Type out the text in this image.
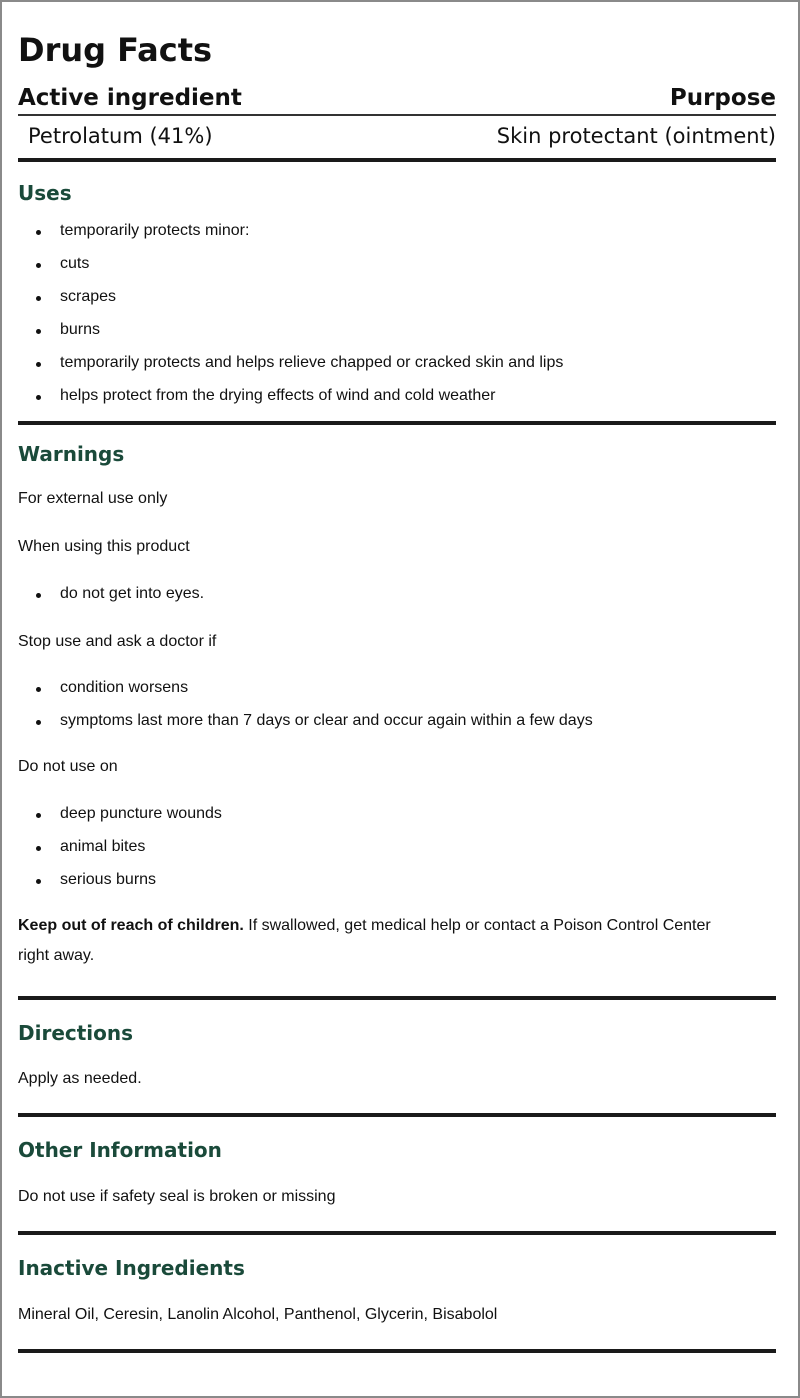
Drug Facts
Active ingredient	Purpose
Petrolatum (41%)	Skin protectant (ointment)
Uses
temporarily protects minor:
cuts
scrapes
burns
temporarily protects and helps relieve chapped or cracked skin and lips
helps protect from the drying effects of wind and cold weather
Warnings

For external use only

When using this product

do not get into eyes.

Stop use and ask a doctor if

condition worsens
symptoms last more than 7 days or clear and occur again within a few days

Do not use on

deep puncture wounds
animal bites
serious burns

Keep out of reach of children. If swallowed, get medical help or contact a Poison Control Center right away.

Directions

Apply as needed.

Other Information

Do not use if safety seal is broken or missing

Inactive Ingredients

Mineral Oil, Ceresin, Lanolin Alcohol, Panthenol, Glycerin, Bisabolol
